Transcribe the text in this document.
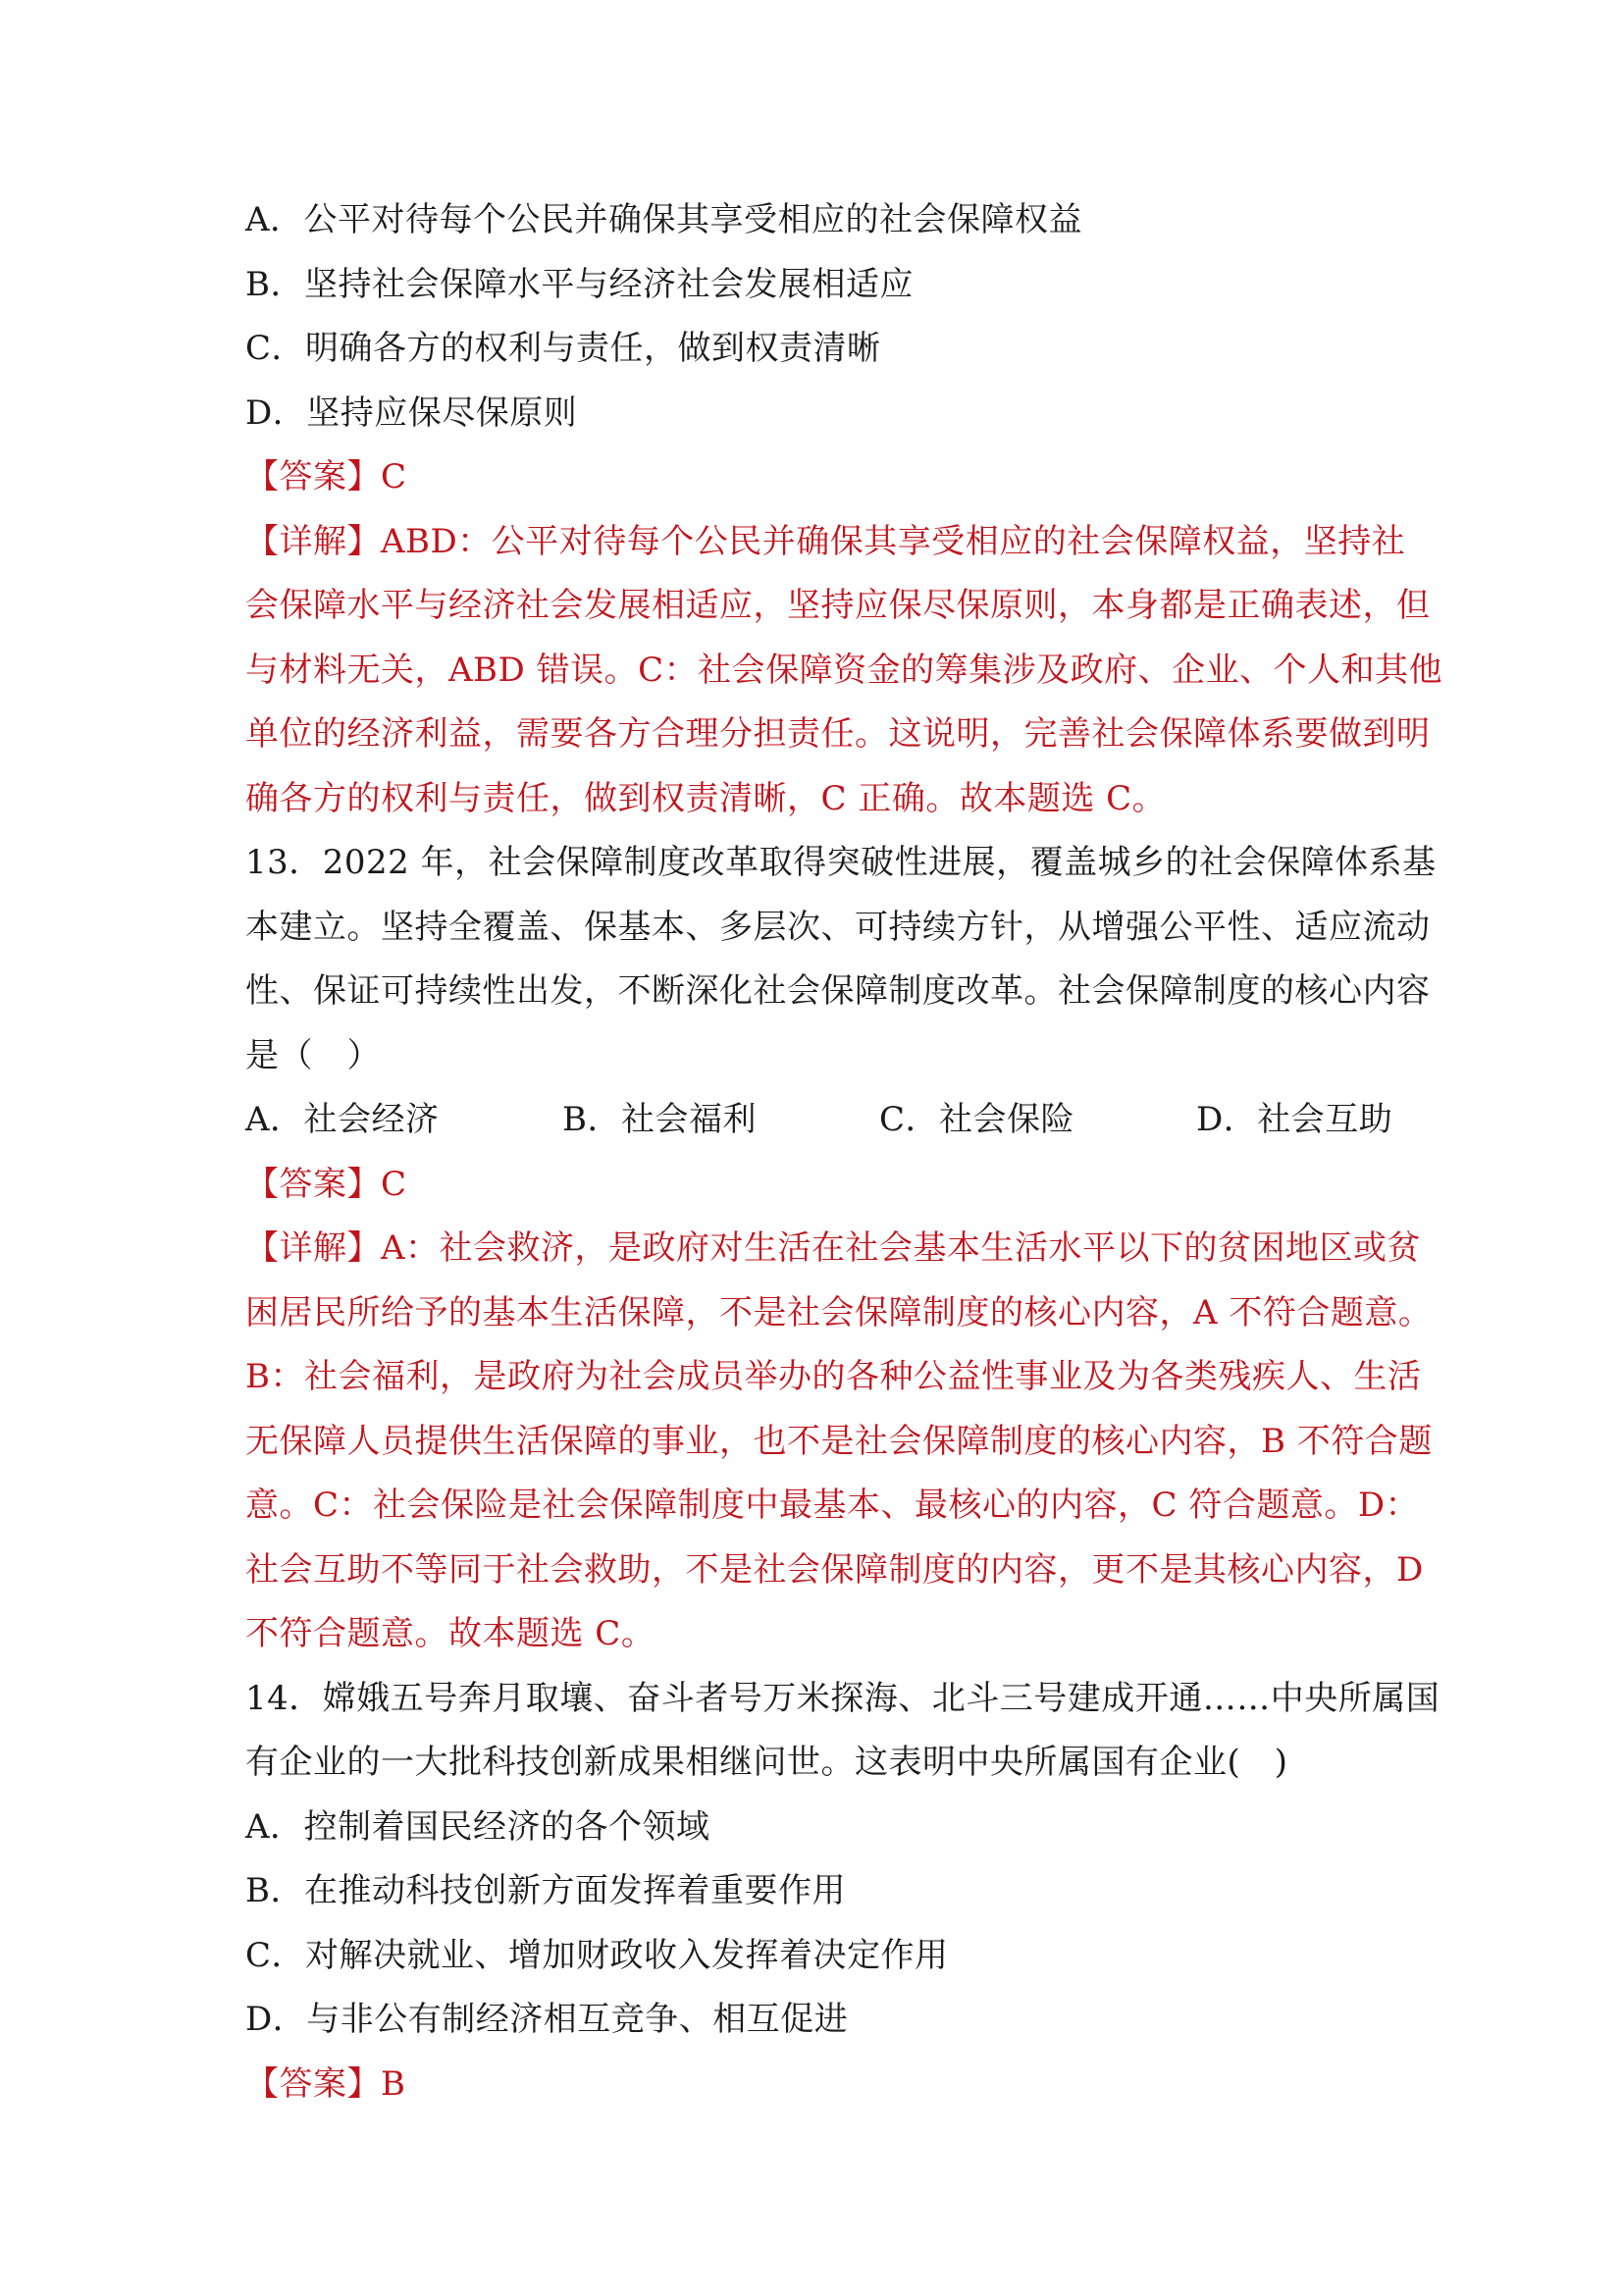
A．公平对待每个公民并确保其享受相应的社会保障权益
B．坚持社会保障水平与经济社会发展相适应
C．明确各方的权利与责任，做到权责清晰
D．坚持应保尽保原则
【答案】C
【详解】ABD：公平对待每个公民并确保其享受相应的社会保障权益，坚持社
会保障水平与经济社会发展相适应，坚持应保尽保原则，本身都是正确表述，但
与材料无关，ABD 错误。C：社会保障资金的筹集涉及政府、企业、个人和其他
单位的经济利益，需要各方合理分担责任。这说明，完善社会保障体系要做到明
确各方的权利与责任，做到权责清晰，C 正确。故本题选 C。
13．2022 年，社会保障制度改革取得突破性进展，覆盖城乡的社会保障体系基
本建立。坚持全覆盖、保基本、多层次、可持续方针，从增强公平性、适应流动
性、保证可持续性出发，不断深化社会保障制度改革。社会保障制度的核心内容
是（　）
A．社会经济	B．社会福利	C．社会保险	D．社会互助
【答案】C
【详解】A：社会救济，是政府对生活在社会基本生活水平以下的贫困地区或贫
困居民所给予的基本生活保障，不是社会保障制度的核心内容，A 不符合题意。
B：社会福利，是政府为社会成员举办的各种公益性事业及为各类残疾人、生活
无保障人员提供生活保障的事业，也不是社会保障制度的核心内容，B 不符合题
意。C：社会保险是社会保障制度中最基本、最核心的内容，C 符合题意。D：
社会互助不等同于社会救助，不是社会保障制度的内容，更不是其核心内容，D
不符合题意。故本题选 C。
14．嫦娥五号奔月取壤、奋斗者号万米探海、北斗三号建成开通……中央所属国
有企业的一大批科技创新成果相继问世。这表明中央所属国有企业(　)
A．控制着国民经济的各个领域
B．在推动科技创新方面发挥着重要作用
C．对解决就业、增加财政收入发挥着决定作用
D．与非公有制经济相互竞争、相互促进
【答案】B
